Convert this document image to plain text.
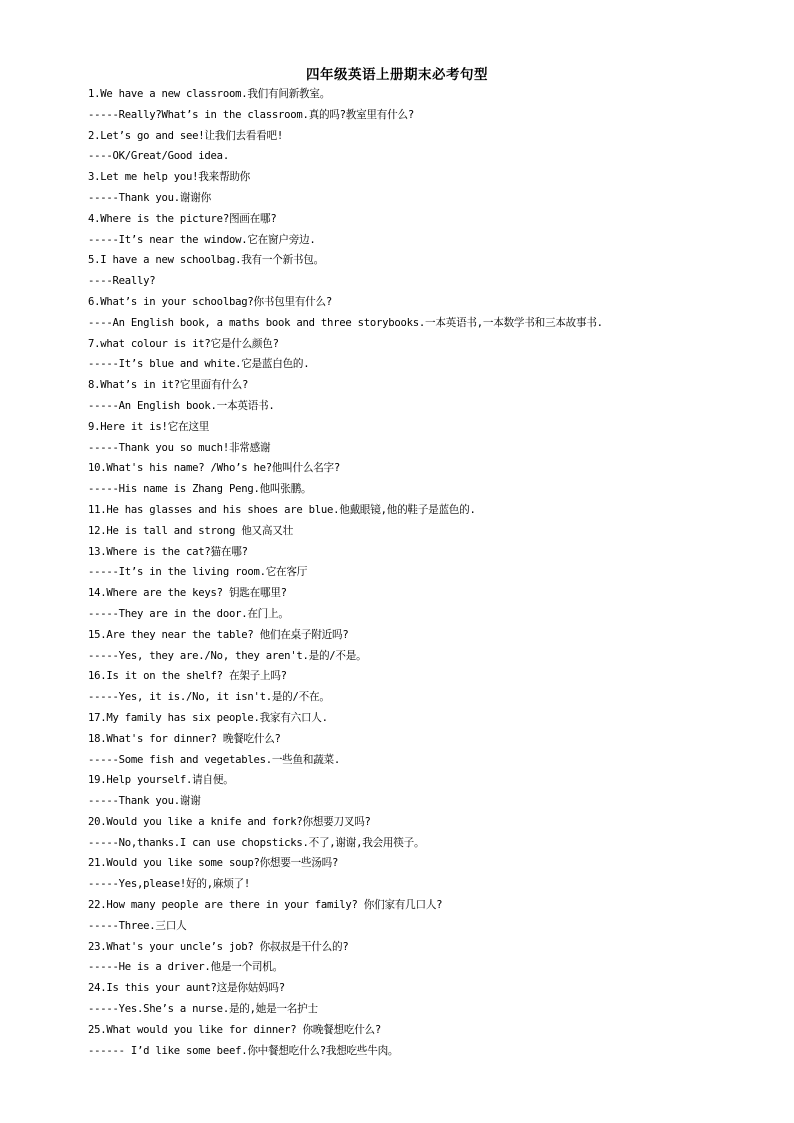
四年级英语上册期末必考句型
1.We have a new classroom.我们有间新教室。
-----Really?What’s in the classroom.真的吗?教室里有什么?
2.Let’s go and see!让我们去看看吧!
----OK/Great/Good idea.
3.Let me help you!我来帮助你
-----Thank you.谢谢你
4.Where is the picture?图画在哪?
-----It’s near the window.它在窗户旁边.
5.I have a new schoolbag.我有一个新书包。
----Really?
6.What’s in your schoolbag?你书包里有什么?
----An English book, a maths book and three storybooks.一本英语书,一本数学书和三本故事书.
7.what colour is it?它是什么颜色?
-----It’s blue and white.它是蓝白色的.
8.What’s in it?它里面有什么?
-----An English book.一本英语书.
9.Here it is!它在这里
-----Thank you so much!非常感谢
10.What's his name? /Who’s he?他叫什么名字?
-----His name is Zhang Peng.他叫张鹏。
11.He has glasses and his shoes are blue.他戴眼镜,他的鞋子是蓝色的.
12.He is tall and strong 他又高又壮
13.Where is the cat?猫在哪?
-----It’s in the living room.它在客厅
14.Where are the keys? 钥匙在哪里?
-----They are in the door.在门上。
15.Are they near the table? 他们在桌子附近吗?
-----Yes, they are./No, they aren't.是的/不是。
16.Is it on the shelf? 在架子上吗?
-----Yes, it is./No, it isn't.是的/不在。
17.My family has six people.我家有六口人.
18.What's for dinner? 晚餐吃什么?
-----Some fish and vegetables.一些鱼和蔬菜.
19.Help yourself.请自便。
-----Thank you.谢谢
20.Would you like a knife and fork?你想要刀叉吗?
-----No,thanks.I can use chopsticks.不了,谢谢,我会用筷子。
21.Would you like some soup?你想要一些汤吗?
-----Yes,please!好的,麻烦了!
22.How many people are there in your family? 你们家有几口人?
-----Three.三口人
23.What's your uncle’s job? 你叔叔是干什么的?
-----He is a driver.他是一个司机。
24.Is this your aunt?这是你姑妈吗?
-----Yes.She’s a nurse.是的,她是一名护士
25.What would you like for dinner? 你晚餐想吃什么?
------ I’d like some beef.你中餐想吃什么?我想吃些牛肉。
